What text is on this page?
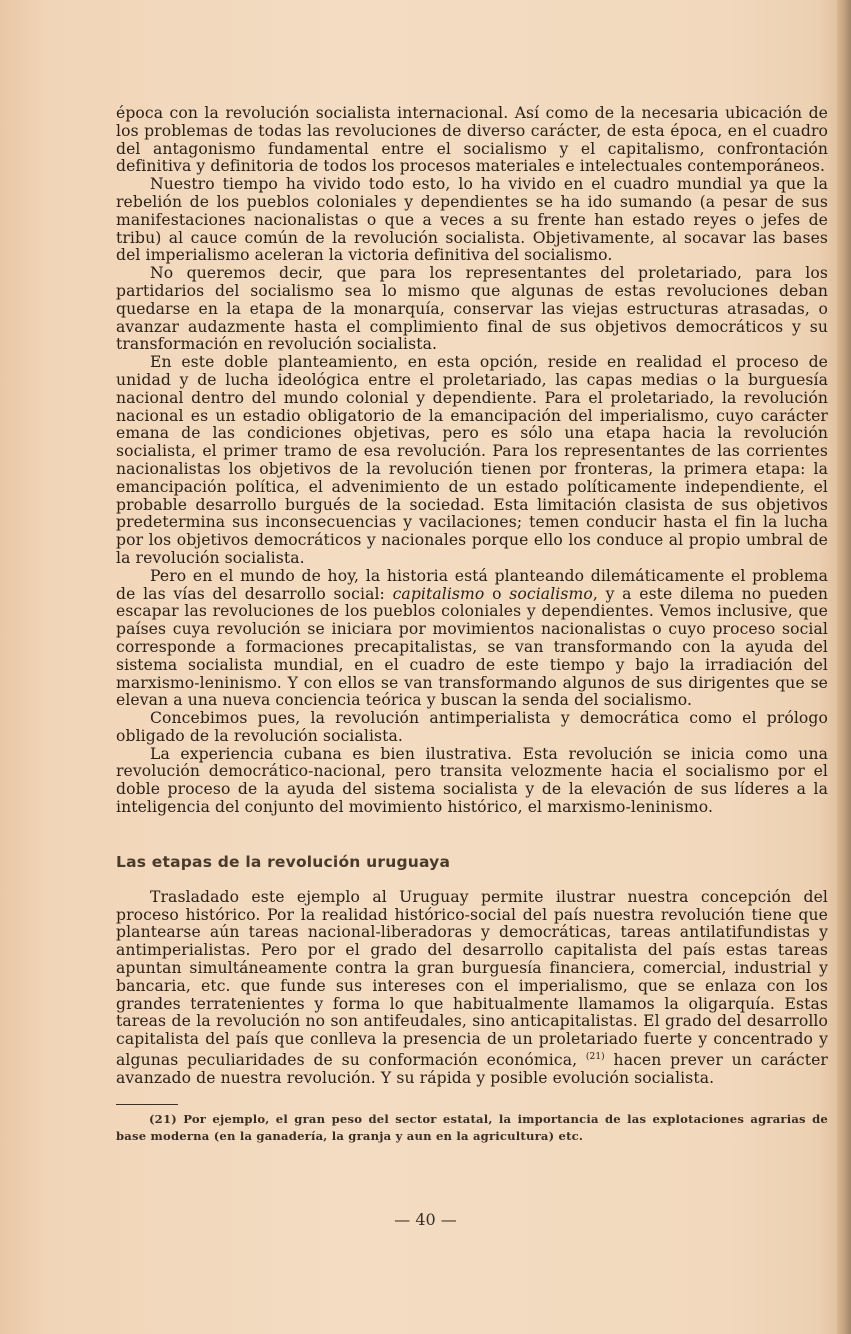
época con la revolución socialista internacional. Así como de la necesaria ubicación de los problemas de todas las revoluciones de diverso carácter, de esta época, en el cuadro del antagonismo fundamental entre el socialismo y el capitalismo, confrontación definitiva y definitoria de todos los procesos materiales e intelectuales contemporáneos.

Nuestro tiempo ha vivido todo esto, lo ha vivido en el cuadro mundial ya que la rebelión de los pueblos coloniales y dependientes se ha ido sumando (a pesar de sus manifestaciones nacionalistas o que a veces a su frente han estado reyes o jefes de tribu) al cauce común de la revolución socialista. Objetivamente, al socavar las bases del imperialismo aceleran la victoria definitiva del socialismo.

No queremos decir, que para los representantes del proletariado, para los partidarios del socialismo sea lo mismo que algunas de estas revoluciones deban quedarse en la etapa de la monarquía, conservar las viejas estructuras atrasadas, o avanzar audazmente hasta el complimiento final de sus objetivos democráticos y su transformación en revolución socialista.

En este doble planteamiento, en esta opción, reside en realidad el proceso de unidad y de lucha ideológica entre el proletariado, las capas medias o la burguesía nacional dentro del mundo colonial y dependiente. Para el proletariado, la revolución nacional es un estadio obligatorio de la emancipación del imperialismo, cuyo carácter emana de las condiciones objetivas, pero es sólo una etapa hacia la revolución socialista, el primer tramo de esa revolución. Para los representantes de las corrientes nacionalistas los objetivos de la revolución tienen por fronteras, la primera etapa: la emancipación política, el advenimiento de un estado políticamente independiente, el probable desarrollo burgués de la sociedad. Esta limitación clasista de sus objetivos predetermina sus inconsecuencias y vacilaciones; temen conducir hasta el fin la lucha por los objetivos democráticos y nacionales porque ello los conduce al propio umbral de la revolución socialista.

Pero en el mundo de hoy, la historia está planteando dilemáticamente el problema de las vías del desarrollo social: capitalismo o socialismo, y a este dilema no pueden escapar las revoluciones de los pueblos coloniales y dependientes. Vemos inclusive, que países cuya revolución se iniciara por movimientos nacionalistas o cuyo proceso social corresponde a formaciones precapitalistas, se van transformando con la ayuda del sistema socialista mundial, en el cuadro de este tiempo y bajo la irradiación del marxismo-leninismo. Y con ellos se van transformando algunos de sus dirigentes que se elevan a una nueva conciencia teórica y buscan la senda del socialismo.

Concebimos pues, la revolución antimperialista y democrática como el prólogo obligado de la revolución socialista.

La experiencia cubana es bien ilustrativa. Esta revolución se inicia como una revolución democrático-nacional, pero transita velozmente hacia el socialismo por el doble proceso de la ayuda del sistema socialista y de la elevación de sus líderes a la inteligencia del conjunto del movimiento histórico, el marxismo-leninismo.

Las etapas de la revolución uruguaya

Trasladado este ejemplo al Uruguay permite ilustrar nuestra concepción del proceso histórico. Por la realidad histórico-social del país nuestra revolución tiene que plantearse aún tareas nacional-liberadoras y democráticas, tareas antilatifundistas y antimperialistas. Pero por el grado del desarrollo capitalista del país estas tareas apuntan simultáneamente contra la gran burguesía financiera, comercial, industrial y bancaria, etc. que funde sus intereses con el imperialismo, que se enlaza con los grandes terratenientes y forma lo que habitualmente llamamos la oligarquía. Estas tareas de la revolución no son antifeudales, sino anticapitalistas. El grado del desarrollo capitalista del país que conlleva la presencia de un proletariado fuerte y concentrado y algunas peculiaridades de su conformación económica, $^{(21)}$ hacen prever un carácter avanzado de nuestra revolución. Y su rápida y posible evolución socialista.

(21) Por ejemplo, el gran peso del sector estatal, la importancia de las explotaciones agrarias de base moderna (en la ganadería, la granja y aun en la agricultura) etc.

— 40 —
